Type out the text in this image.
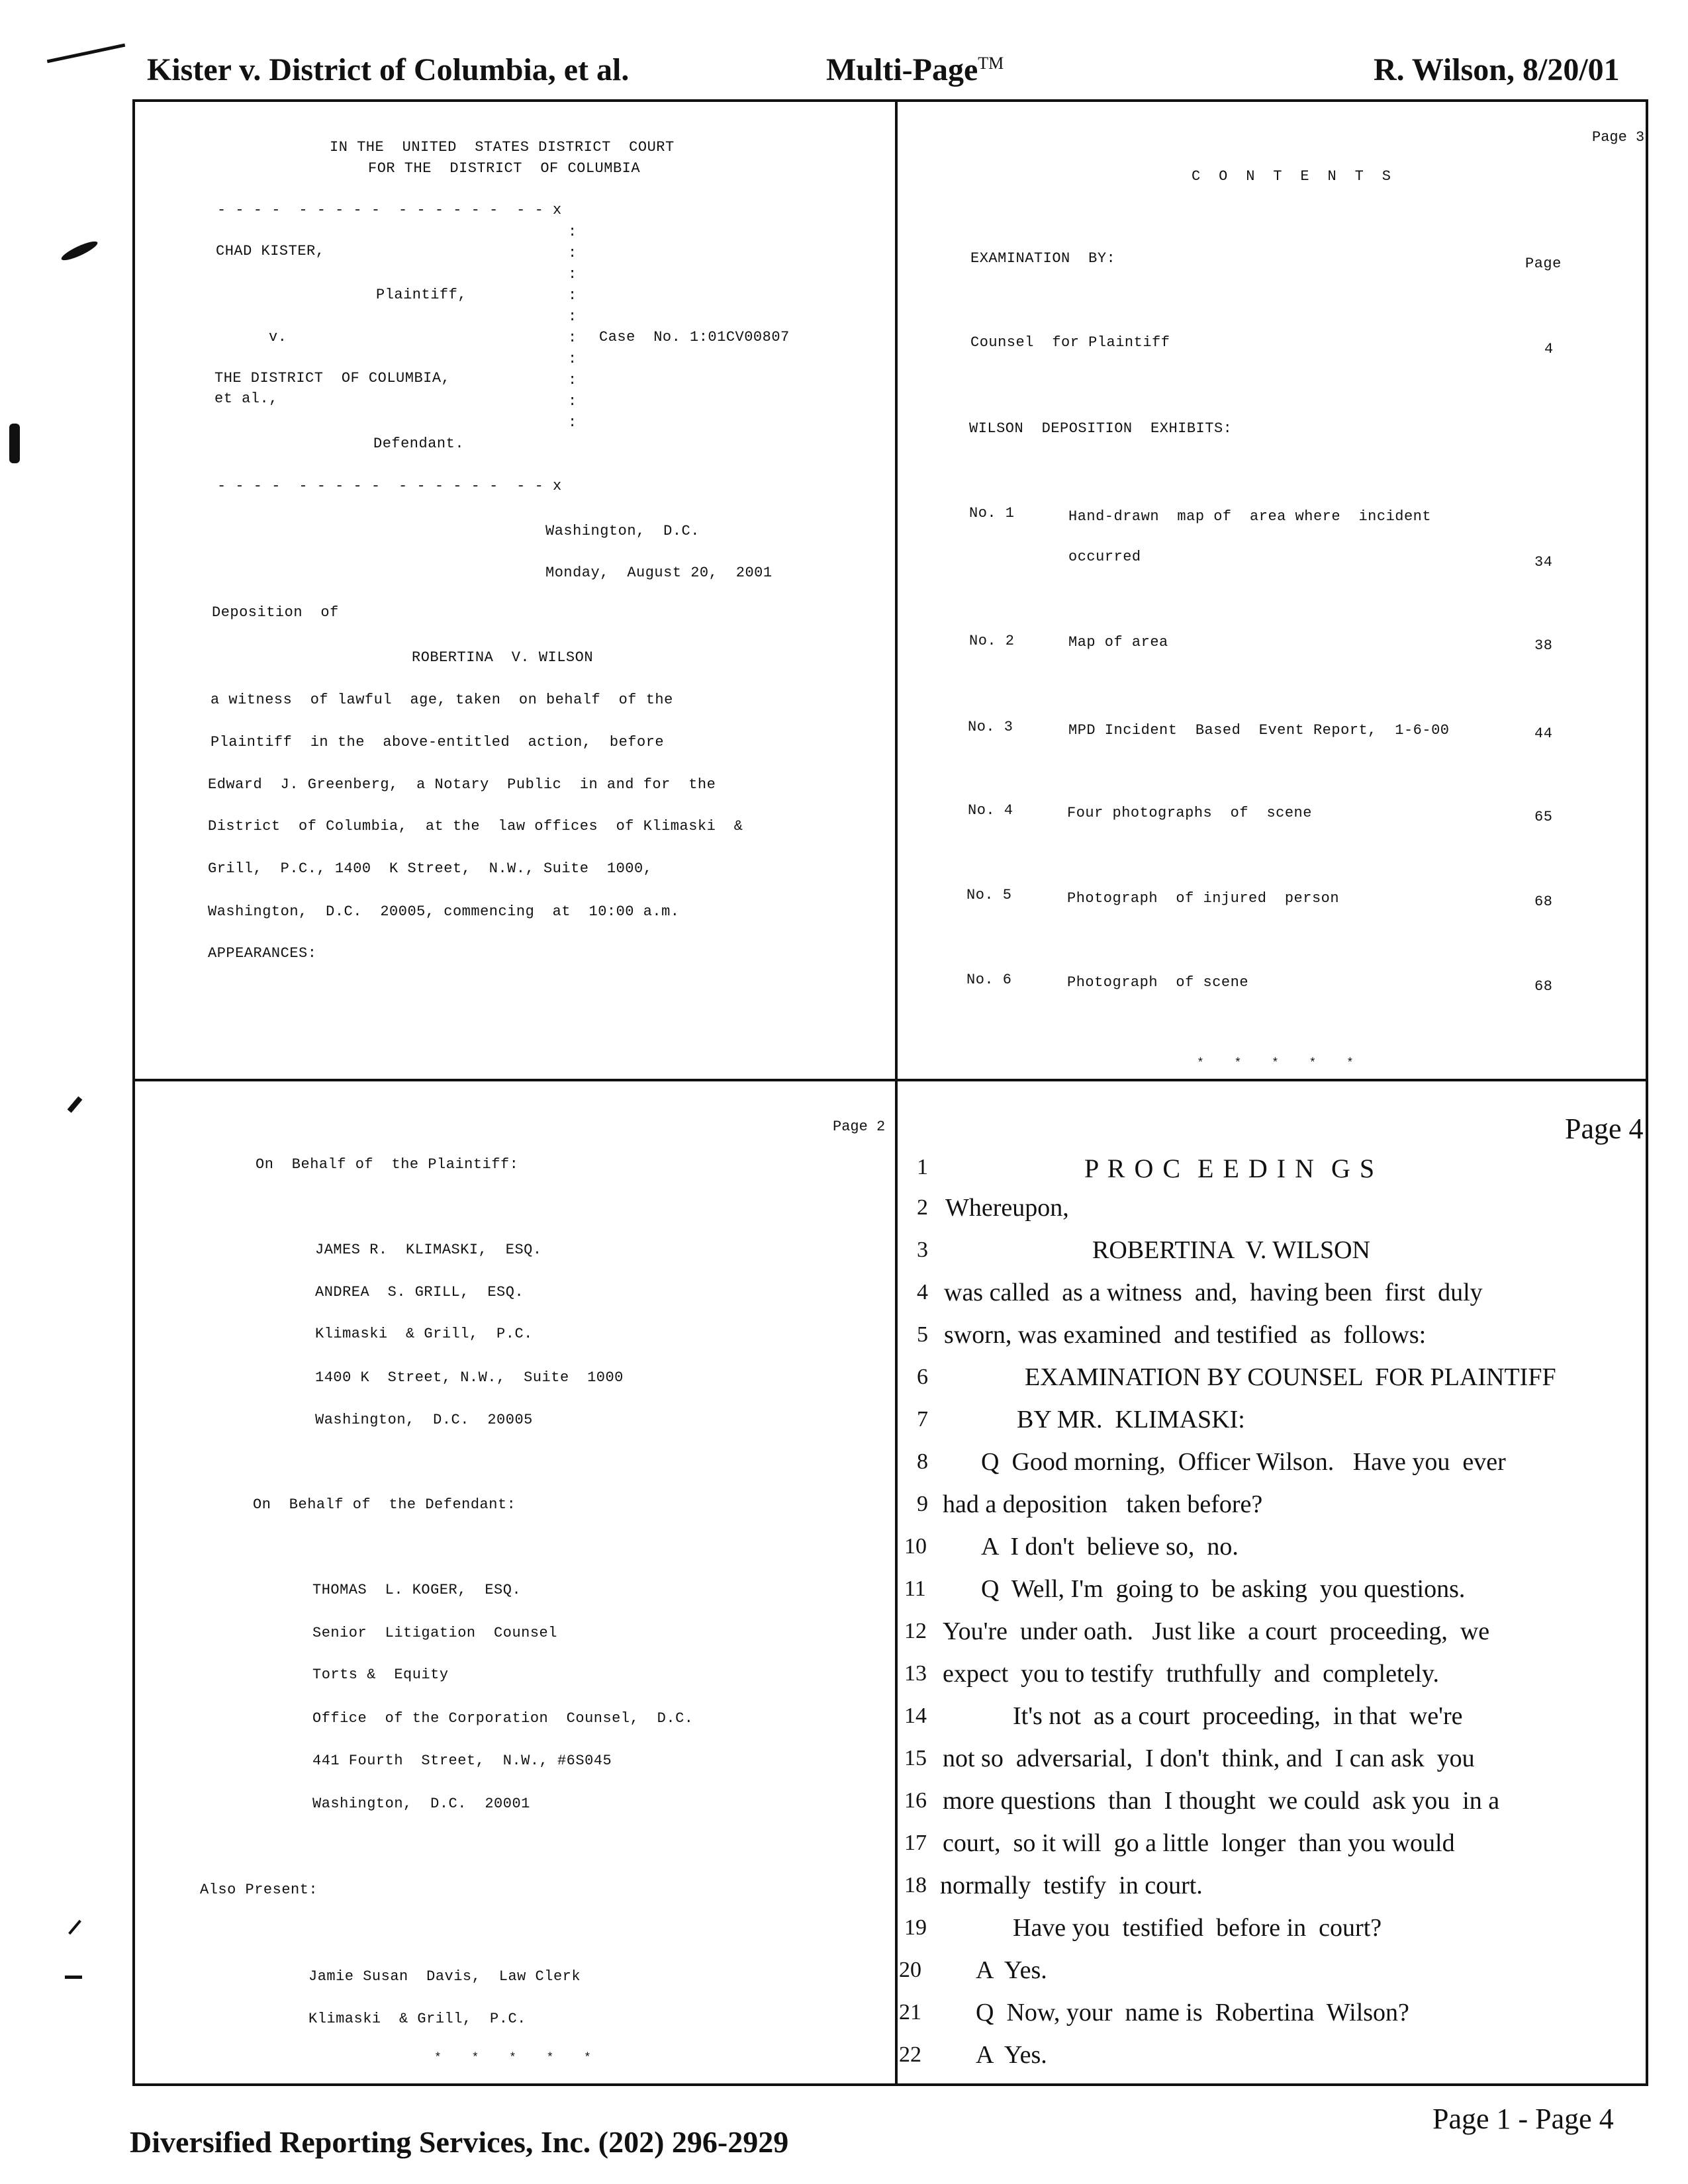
Kister v. District of Columbia, et al.	Multi-Page™	R. Wilson, 8/20/01
IN THE  UNITED  STATES DISTRICT  COURT
FOR THE  DISTRICT  OF COLUMBIA
- - - -  - - - - -  - - - - - -  - - x
CHAD KISTER,
Plaintiff,
v.	Case  No. 1:01CV00807
THE DISTRICT  OF COLUMBIA,
et al.,
Defendant.
:
:
:
:
:
:
:
:
:
:
- - - -  - - - - -  - - - - - -  - - x
Washington,  D.C.
Monday,  August 20,  2001
Deposition  of
ROBERTINA  V. WILSON
a witness  of lawful  age, taken  on behalf  of the
Plaintiff  in the  above-entitled  action,  before
Edward  J. Greenberg,  a Notary  Public  in and for  the
District  of Columbia,  at the  law offices  of Klimaski  &
Grill,  P.C., 1400  K Street,  N.W., Suite  1000,
Washington,  D.C.  20005, commencing  at  10:00 a.m.
APPEARANCES:
Page 3
C  O  N  T  E  N  T  S
EXAMINATION  BY:	Page
Counsel  for Plaintiff	4
WILSON  DEPOSITION  EXHIBITS:
No. 1	Hand-drawn  map of  area where  incident
occurred	34
No. 2	Map of area	38
No. 3	MPD Incident  Based  Event Report,  1-6-00	44
No. 4	Four photographs  of  scene	65
No. 5	Photograph  of injured  person	68
No. 6	Photograph  of scene	68
*    *    *    *    *
Page 2
On  Behalf of  the Plaintiff:
JAMES R.  KLIMASKI,  ESQ.
ANDREA  S. GRILL,  ESQ.
Klimaski  & Grill,  P.C.
1400 K  Street, N.W.,  Suite  1000
Washington,  D.C.  20005
On  Behalf of  the Defendant:
THOMAS  L. KOGER,  ESQ.
Senior  Litigation  Counsel
Torts &  Equity
Office  of the Corporation  Counsel,  D.C.
441 Fourth  Street,  N.W., #6S045
Washington,  D.C.  20001
Also Present:
Jamie Susan  Davis,  Law Clerk
Klimaski  & Grill,  P.C.
*    *    *    *    *
Page 4
1	P R O C  E E D I N  G S
2 Whereupon,
3	ROBERTINA  V. WILSON
4 was called  as a witness  and,  having been  first  duly
5 sworn, was examined  and testified  as  follows:
6	EXAMINATION BY COUNSEL  FOR PLAINTIFF
7	BY MR.  KLIMASKI:
8 Q  Good morning,  Officer Wilson.   Have you  ever
9 had a deposition   taken before?
10 A  I don't  believe so,  no.
11 Q  Well, I'm  going to  be asking  you questions.
12 You're  under oath.   Just like  a court  proceeding,  we
13 expect  you to testify  truthfully  and  completely.
14	It's not  as a court  proceeding,  in that  we're
15 not so  adversarial,  I don't  think, and  I can ask  you
16 more questions  than  I thought  we could  ask you  in a
17 court,  so it will  go a little  longer  than you would
18 normally  testify  in court.
19	Have you  testified  before in  court?
20 A  Yes.
21 Q  Now, your  name is  Robertina  Wilson?
22 A  Yes.
Diversified Reporting Services, Inc. (202) 296-2929
Page 1 - Page 4
